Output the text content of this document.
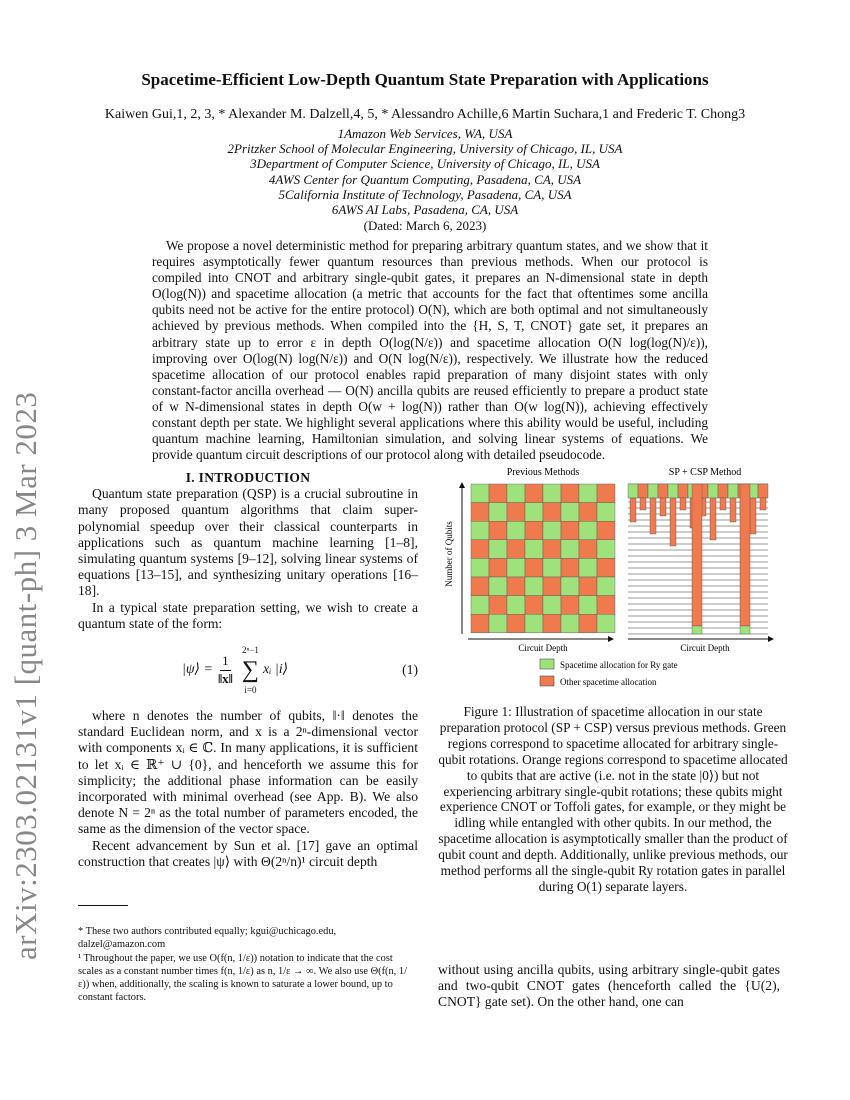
arXiv:2303.02131v1 [quant-ph] 3 Mar 2023
Spacetime-Efficient Low-Depth Quantum State Preparation with Applications
Kaiwen Gui,1, 2, 3, * Alexander M. Dalzell,4, 5, * Alessandro Achille,6 Martin Suchara,1 and Frederic T. Chong3
1Amazon Web Services, WA, USA
2Pritzker School of Molecular Engineering, University of Chicago, IL, USA
3Department of Computer Science, University of Chicago, IL, USA
4AWS Center for Quantum Computing, Pasadena, CA, USA
5California Institute of Technology, Pasadena, CA, USA
6AWS AI Labs, Pasadena, CA, USA
(Dated: March 6, 2023)

We propose a novel deterministic method for preparing arbitrary quantum states, and we show that it requires asymptotically fewer quantum resources than previous methods. When our protocol is compiled into CNOT and arbitrary single-qubit gates, it prepares an N-dimensional state in depth O(log(N)) and spacetime allocation (a metric that accounts for the fact that oftentimes some ancilla qubits need not be active for the entire protocol) O(N), which are both optimal and not simultaneously achieved by previous methods. When compiled into the {H, S, T, CNOT} gate set, it prepares an arbitrary state up to error ε in depth O(log(N/ε)) and spacetime allocation O(N log(log(N)/ε)), improving over O(log(N) log(N/ε)) and O(N log(N/ε)), respectively. We illustrate how the reduced spacetime allocation of our protocol enables rapid preparation of many disjoint states with only constant-factor ancilla overhead — O(N) ancilla qubits are reused efficiently to prepare a product state of w N-dimensional states in depth O(w + log(N)) rather than O(w log(N)), achieving effectively constant depth per state. We highlight several applications where this ability would be useful, including quantum machine learning, Hamiltonian simulation, and solving linear systems of equations. We provide quantum circuit descriptions of our protocol along with detailed pseudocode.

I. INTRODUCTION

Quantum state preparation (QSP) is a crucial subroutine in many proposed quantum algorithms that claim super-polynomial speedup over their classical counterparts in applications such as quantum machine learning [1–8], simulating quantum systems [9–12], solving linear systems of equations [13–15], and synthesizing unitary operations [16–18].

In a typical state preparation setting, we wish to create a quantum state of the form:

|ψ⟩ = $\frac{1}{‖x‖}$
2ⁿ−1
∑
i=0
xᵢ |i⟩	(1)

where n denotes the number of qubits, ‖·‖ denotes the standard Euclidean norm, and x is a 2ⁿ-dimensional vector with components xᵢ ∈ ℂ. In many applications, it is sufficient to let xᵢ ∈ ℝ⁺ ∪ {0}, and henceforth we assume this for simplicity; the additional phase information can be easily incorporated with minimal overhead (see App. B). We also denote N = 2ⁿ as the total number of parameters encoded, the same as the dimension of the vector space.

Recent advancement by Sun et al. [17] gave an optimal construction that creates |ψ⟩ with Θ(2ⁿ/n)¹ circuit depth

* These two authors contributed equally; kgui@uchicago.edu, dalzel@amazon.com

¹ Throughout the paper, we use O(f(n, 1/ε)) notation to indicate that the cost scales as a constant number times f(n, 1/ε) as n, 1/ε → ∞. We also use Θ(f(n, 1/ε)) when, additionally, the scaling is known to saturate a lower bound, up to constant factors.

Previous Methods	SP + CSP Method
Number of Qubits
Circuit Depth	Circuit Depth
Spacetime allocation for Ry gate
Other spacetime allocation
Figure 1: Illustration of spacetime allocation in our state preparation protocol (SP + CSP) versus previous methods. Green regions correspond to spacetime allocated for arbitrary single-qubit rotations. Orange regions correspond to spacetime allocated to qubits that are active (i.e. not in the state |0⟩) but not experiencing arbitrary single-qubit rotations; these qubits might experience CNOT or Toffoli gates, for example, or they might be idling while entangled with other qubits. In our method, the spacetime allocation is asymptotically smaller than the product of qubit count and depth. Additionally, unlike previous methods, our method performs all the single-qubit Ry rotation gates in parallel during O(1) separate layers.

without using ancilla qubits, using arbitrary single-qubit gates and two-qubit CNOT gates (henceforth called the {U(2), CNOT} gate set). On the other hand, one can
